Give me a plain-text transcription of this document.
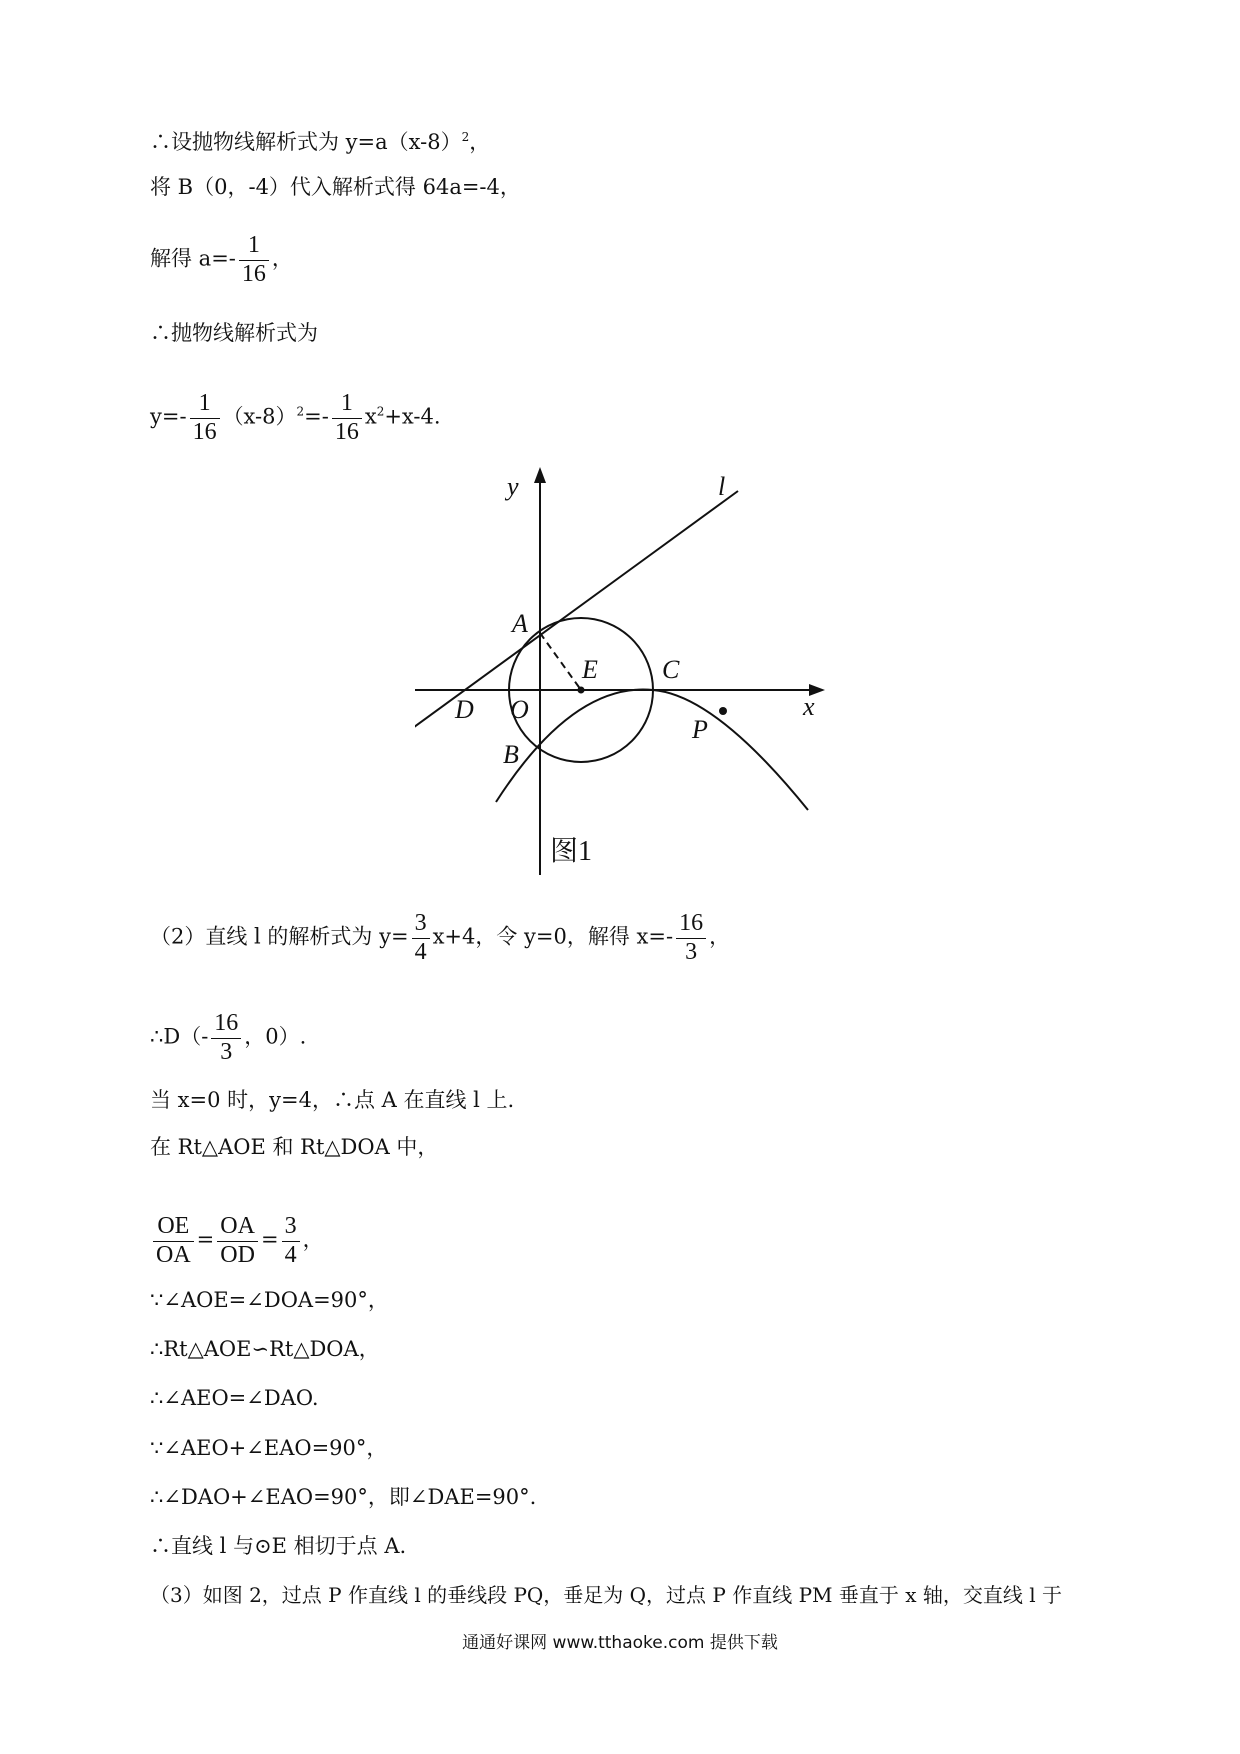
∴设抛物线解析式为 $y=a(x-8)^2$，
将 B（0，-4）代入解析式得 64a=-4，
解得 $a=- \frac{1}{16}$ ，
∴抛物线解析式为
$y=- \frac{1}{16} (x-8)^2=- \frac{1}{16} x^2+x-4$.
y
x
l
A
B
C
D
E
O
P
图1
（2）直线 l 的解析式为 $y= \frac{3}{4} x+4$，令 y=0，解得 $x=- \frac{16}{3}$ ，
∴D（- $\frac{16}{3}$ ，0）.
当 x=0 时，y=4，∴点 A 在直线 l 上.
在 Rt△AOE 和 Rt△DOA 中，
$\frac{OE}{OA} = \frac{OA}{OD} = \frac{3}{4}$ ，
∵∠AOE=∠DOA=90°，
∴Rt△AOE∽Rt△DOA，
∴∠AEO=∠DAO.
∵∠AEO+∠EAO=90°，
∴∠DAO+∠EAO=90°，即∠DAE=90°.
∴直线 l 与⊙E 相切于点 A.
（3）如图 2，过点 P 作直线 l 的垂线段 PQ，垂足为 Q，过点 P 作直线 PM 垂直于 x 轴，交直线 l 于
通通好课网 www.tthaoke.com 提供下载
